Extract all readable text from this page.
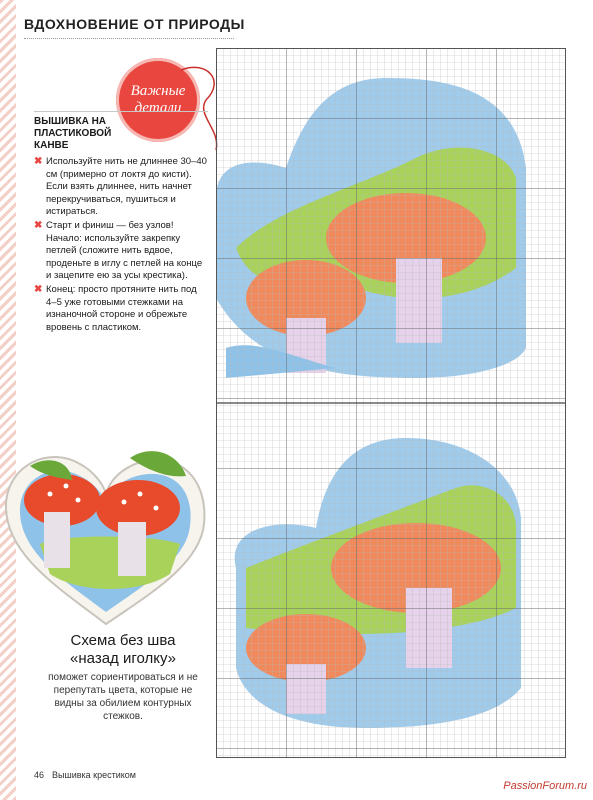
ВДОХНОВЕНИЕ ОТ ПРИРОДЫ
Важные
детали
ВЫШИВКА НА
ПЛАСТИКОВОЙ
КАНВЕ
✖ Используйте нить не длиннее 30–40 см (примерно от локтя до кисти). Если взять длиннее, нить начнет перекручиваться, пушиться и истираться.
✖ Старт и финиш — без узлов! Начало: используйте закрепку петлей (сложите нить вдвое, проденьте в иглу с петлей на конце и зацепите ею за усы крестика).
✖ Конец: просто протяните нить под 4–5 уже готовыми стежками на изнаночной стороне и обрежьте вровень с пластиком.
Схема без шва
«назад иголку»
поможет сориентироваться и не перепутать цвета, которые не видны за обилием контурных стежков.
46 Вышивка крестиком
PassionForum.ru
